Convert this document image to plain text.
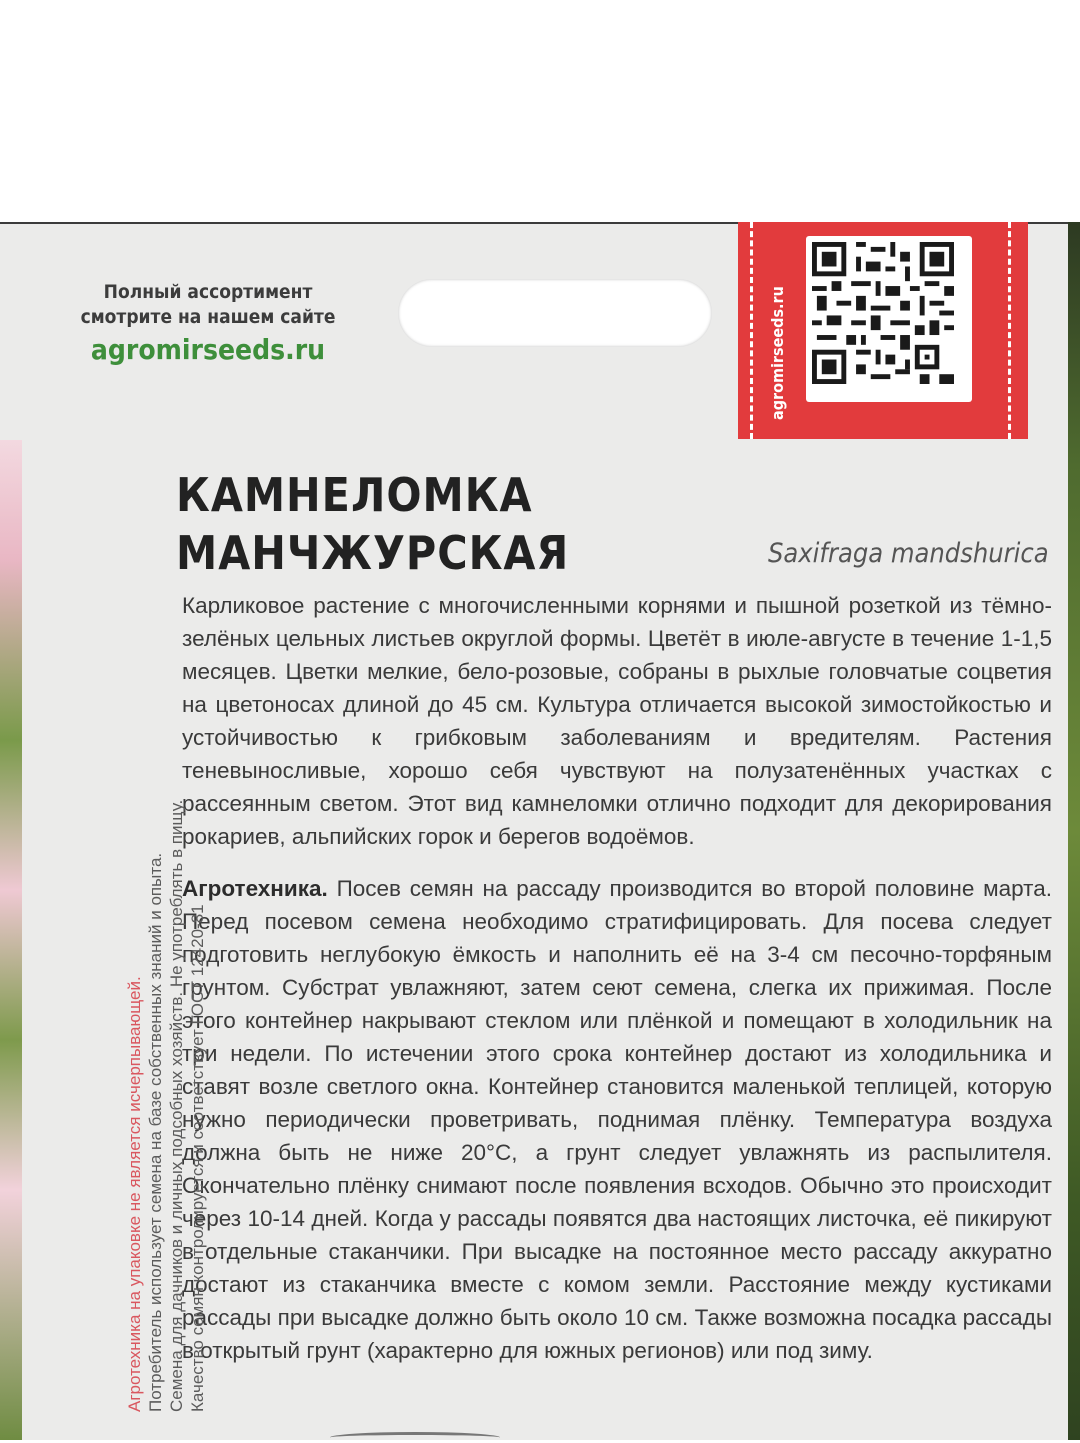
Полный ассортимент
смотрите на нашем сайте
agromirseeds.ru	agromirseeds.ru
КАМНЕЛОМКА
МАНЧЖУРСКАЯ	Saxifraga mandshurica
Карликовое растение с многочисленными корнями и пышной розеткой из тёмно-зелёных цельных листьев округлой формы. Цветёт в июле-августе в течение 1-1,5 месяцев. Цветки мелкие, бело-розовые, собраны в рыхлые головчатые соцветия на цветоносах длиной до 45 см. Культура отличается высокой зимостойкостью и устойчивостью к грибковым заболеваниям и вредителям. Растения теневыносливые, хорошо себя чувствуют на полузатенённых участках с рассеянным светом. Этот вид камнеломки отлично подходит для декорирования рокариев, альпийских горок и берегов водоёмов.
Агротехника. Посев семян на рассаду производится во второй половине марта. Перед посевом семена необходимо стратифицировать. Для посева следует подготовить неглубокую ёмкость и наполнить её на 3-4 см песочно-торфяным грунтом. Субстрат увлажняют, затем сеют семена, слегка их прижимая. После этого контейнер накрывают стеклом или плёнкой и помещают в холодильник на три недели. По истечении этого срока контейнер достают из холодильника и ставят возле светлого окна. Контейнер становится маленькой теплицей, которую нужно периодически проветривать, поднимая плёнку. Температура воздуха должна быть не ниже 20°С, а грунт следует увлажнять из распылителя. Окончательно плёнку снимают после появления всходов. Обычно это происходит через 10-14 дней. Когда у рассады появятся два настоящих листочка, её пикируют в отдельные стаканчики. При высадке на постоянное место рассаду аккуратно достают из стаканчика вместе с комом земли. Расстояние между кустиками рассады при высадке должно быть около 10 см. Также возможна посадка рассады в открытый грунт (характерно для южных регионов) или под зиму.
Агротехника на упаковке не является исчерпывающей. Потребитель использует семена на базе собственных знаний и опыта. Семена для дачников и личных подсобных хозяйств. Не употреблять в пищу. Качество семян контролируется и соответствует ГОСТ 12420-81
